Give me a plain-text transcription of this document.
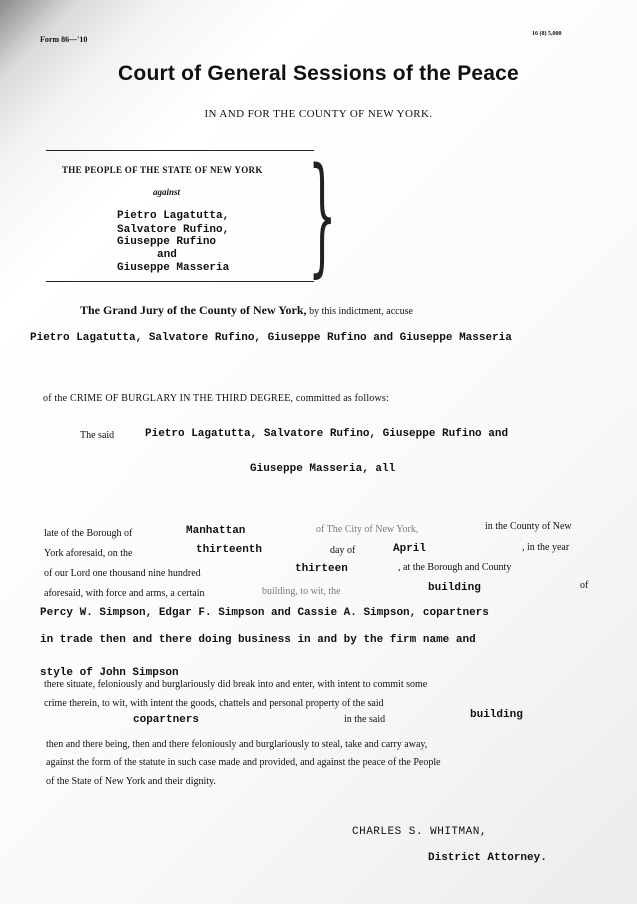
Form 86—'10
16 (8) 5,000
Court of General Sessions of the Peace
IN AND FOR THE COUNTY OF NEW YORK.
}
THE PEOPLE OF THE STATE OF NEW YORK
against
Pietro Lagatutta,
Salvatore Rufino,
Giuseppe Rufino
and
Giuseppe Masseria
The Grand Jury of the County of New York, by this indictment, accuse
Pietro Lagatutta, Salvatore Rufino, Giuseppe Rufino and Giuseppe Masseria
of the CRIME OF BURGLARY IN THE THIRD DEGREE, committed as follows:
The said	Pietro Lagatutta, Salvatore Rufino, Giuseppe Rufino and
Giuseppe Masseria, all
late of the Borough of	Manhattan	of The City of New York,	in the County of New
York aforesaid, on the	thirteenth	day of	April	, in the year
of our Lord one thousand nine hundred	thirteen	, at the Borough and County
aforesaid, with force and arms, a certain	building, to wit, the	building	of
Percy W. Simpson, Edgar F. Simpson and Cassie A. Simpson, copartners
in trade then and there doing business in and by the firm name and
style of John Simpson
there situate, feloniously and burglariously did break into and enter, with intent to commit some
crime therein, to wit, with intent the goods, chattels and personal property of the said
copartners	in the said	building
then and there being, then and there feloniously and burglariously to steal, take and carry away,
against the form of the statute in such case made and provided, and against the peace of the People
of the State of New York and their dignity.
CHARLES S. WHITMAN,
District Attorney.
